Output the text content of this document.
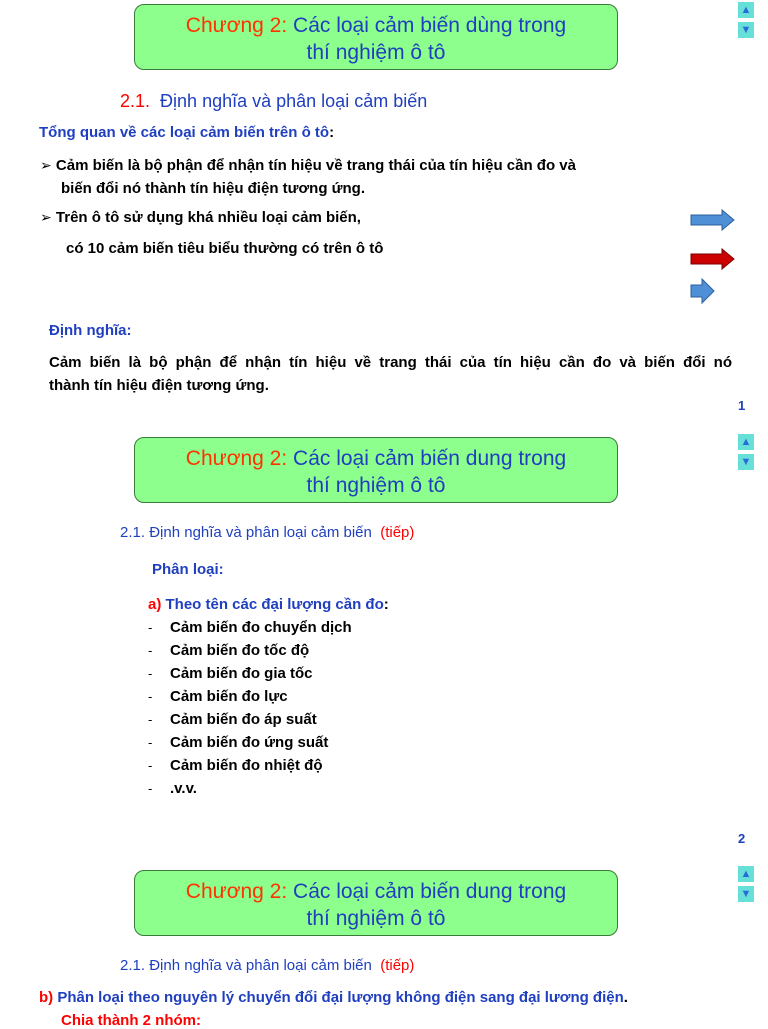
Chương 2: Các loại cảm biến dùng trong
thí nghiệm ô tô
▲
▼
2.1. Định nghĩa và phân loại cảm biến
Tổng quan về các loại cảm biến trên ô tô:
➢ Cảm biến là bộ phận để nhận tín hiệu về trang thái của tín hiệu cần đo và
biến đổi nó thành tín hiệu điện tương ứng.
➢ Trên ô tô sử dụng khá nhiều loại cảm biến,
có 10 cảm biến tiêu biểu thường có trên ô tô
Định nghĩa:
Cảm biến là bộ phận để nhận tín hiệu về trang thái của tín hiệu cần đo và biến đổi nó
thành tín hiệu điện tương ứng.
1
Chương 2: Các loại cảm biến dung trong
thí nghiệm ô tô
▲
▼
2.1. Định nghĩa và phân loại cảm biến (tiếp)
Phân loại:
a) Theo tên các đại lượng cần đo:
- Cảm biến đo chuyển dịch
- Cảm biến đo tốc độ
- Cảm biến đo gia tốc
- Cảm biến đo lực
- Cảm biến đo áp suất
- Cảm biến đo ứng suất
- Cảm biến đo nhiệt độ
- .v.v.
2
Chương 2: Các loại cảm biến dung trong
thí nghiệm ô tô
▲
▼
2.1. Định nghĩa và phân loại cảm biến (tiếp)
b) Phân loại theo nguyên lý chuyển đổi đại lượng không điện sang đại lương điện.
Chia thành 2 nhóm:
